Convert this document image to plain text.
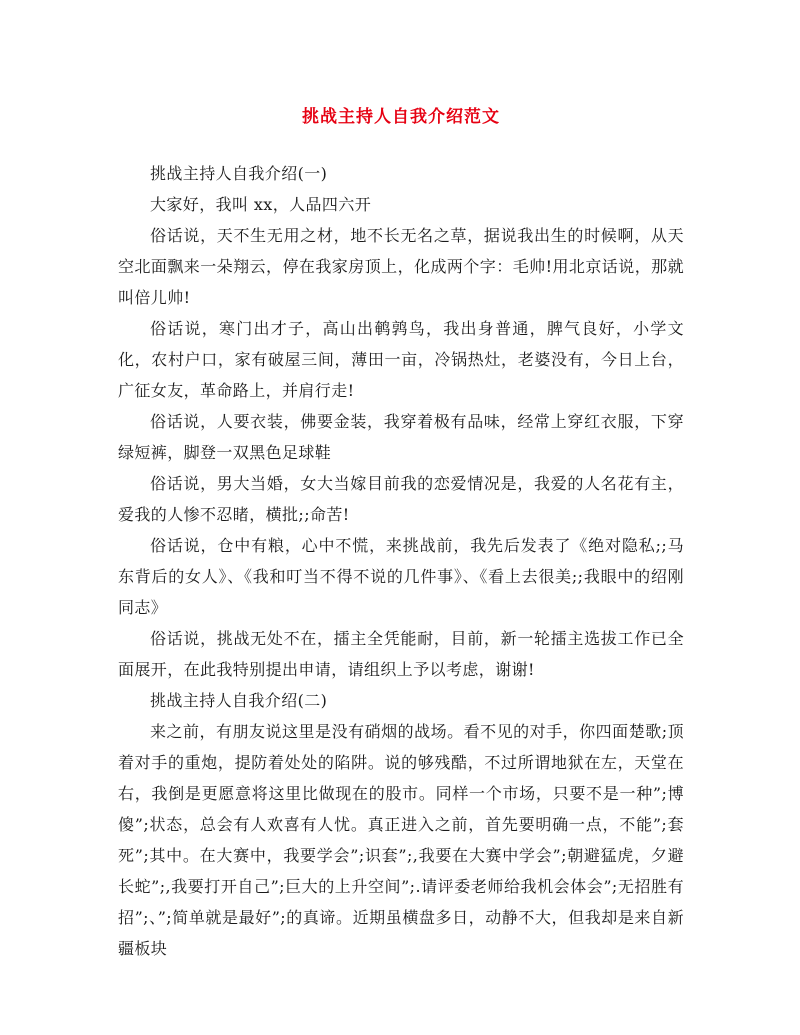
挑战主持人自我介绍范文

挑战主持人自我介绍(一)

大家好，我叫 xx，人品四六开

俗话说，天不生无用之材，地不长无名之草，据说我出生的时候啊，从天空北面飘来一朵翔云，停在我家房顶上，化成两个字：毛帅!用北京话说，那就叫倍儿帅!

俗话说，寒门出才子，高山出鹌鹑鸟，我出身普通，脾气良好，小学文化，农村户口，家有破屋三间，薄田一亩，冷锅热灶，老婆没有，今日上台，广征女友，革命路上，并肩行走!

俗话说，人要衣装，佛要金装，我穿着极有品味，经常上穿红衣服，下穿绿短裤，脚登一双黑色足球鞋

俗话说，男大当婚，女大当嫁目前我的恋爱情况是，我爱的人名花有主，爱我的人惨不忍睹，横批;;命苦!

俗话说，仓中有粮，心中不慌，来挑战前，我先后发表了《绝对隐私;;马东背后的女人》、《我和叮当不得不说的几件事》、《看上去很美;;我眼中的绍刚同志》

俗话说，挑战无处不在，擂主全凭能耐，目前，新一轮擂主选拔工作已全面展开，在此我特别提出申请，请组织上予以考虑，谢谢!

挑战主持人自我介绍(二)

来之前，有朋友说这里是没有硝烟的战场。看不见的对手，你四面楚歌;顶着对手的重炮，提防着处处的陷阱。说的够残酷，不过所谓地狱在左，天堂在右，我倒是更愿意将这里比做现在的股市。同样一个市场，只要不是一种”;博傻”;状态，总会有人欢喜有人忧。真正进入之前，首先要明确一点，不能”;套死”;其中。在大赛中，我要学会”;识套”;,我要在大赛中学会”;朝避猛虎，夕避长蛇”;,我要打开自己”;巨大的上升空间”;.请评委老师给我机会体会”;无招胜有招”;、”;简单就是最好”;的真谛。近期虽横盘多日，动静不大，但我却是来自新疆板块
